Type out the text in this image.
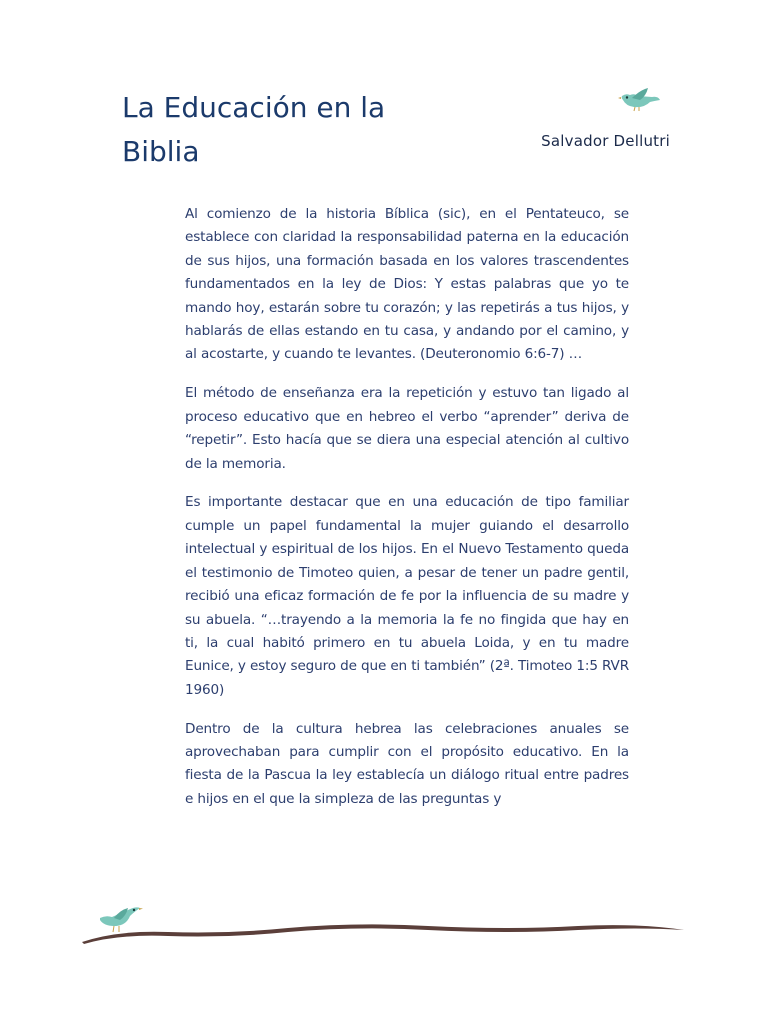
La Educación en la
Biblia	Salvador Dellutri

Al comienzo de la historia Bíblica (sic), en el Pentateuco, se establece con claridad la responsabilidad paterna en la educación de sus hijos, una formación basada en los valores trascendentes fundamentados en la ley de Dios: Y estas palabras que yo te mando hoy, estarán sobre tu corazón; y las repetirás a tus hijos, y hablarás de ellas estando en tu casa, y andando por el camino, y al acostarte, y cuando te levantes. (Deuteronomio 6:6-7) …

El método de enseñanza era la repetición y estuvo tan ligado al proceso educativo que en hebreo el verbo “aprender” deriva de “repetir”. Esto hacía que se diera una especial atención al cultivo de la memoria.

Es importante destacar que en una educación de tipo familiar cumple un papel fundamental la mujer guiando el desarrollo intelectual y espiritual de los hijos. En el Nuevo Testamento queda el testimonio de Timoteo quien, a pesar de tener un padre gentil, recibió una eficaz formación de fe por la influencia de su madre y su abuela. “…trayendo a la memoria la fe no fingida que hay en ti, la cual habitó primero en tu abuela Loida, y en tu madre Eunice, y estoy seguro de que en ti también” (2ª. Timoteo 1:5 RVR 1960)

Dentro de la cultura hebrea las celebraciones anuales se aprovechaban para cumplir con el propósito educativo. En la fiesta de la Pascua la ley establecía un diálogo ritual entre padres e hijos en el que la simpleza de las preguntas y
